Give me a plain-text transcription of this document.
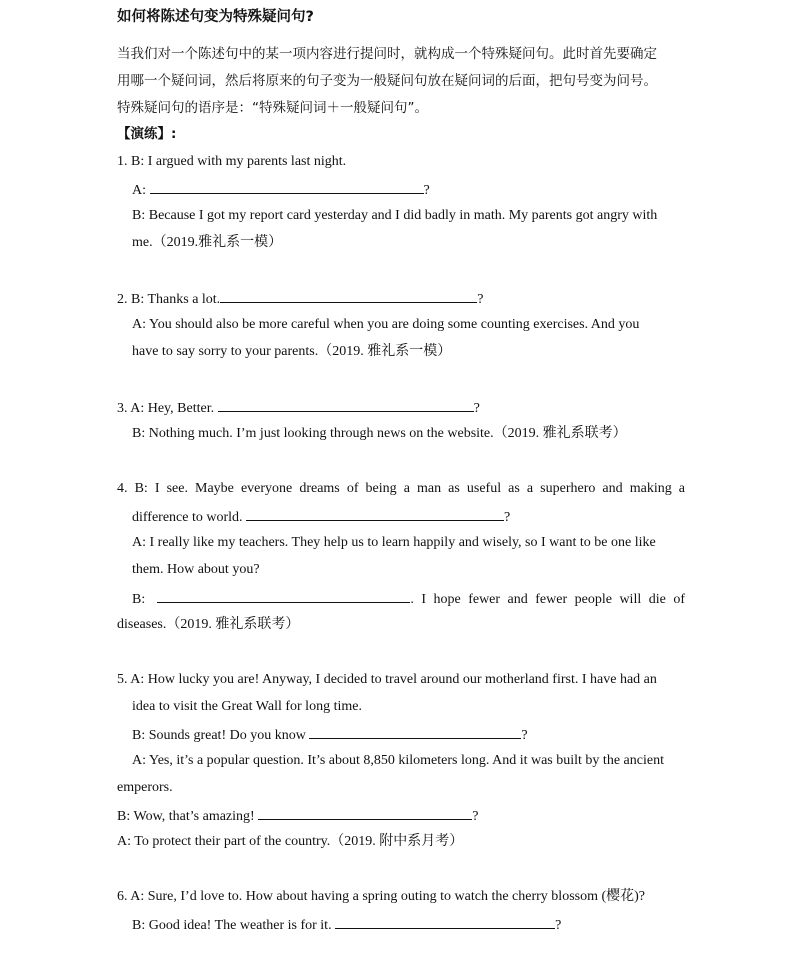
如何将陈述句变为特殊疑问句?
当我们对一个陈述句中的某一项内容进行提问时，就构成一个特殊疑问句。此时首先要确定
用哪一个疑问词，然后将原来的句子变为一般疑问句放在疑问词的后面，把句号变为问号。
特殊疑问句的语序是：“特殊疑问词＋一般疑问句”。
【演练】:
1. B: I argued with my parents last night.
A:	?
B: Because I got my report card yesterday and I did badly in math. My parents got angry with
me.（2019.雅礼系一模）
2. B: Thanks a lot.	?
A: You should also be more careful when you are doing some counting exercises. And you
have to say sorry to your parents.（2019. 雅礼系一模）
3. A: Hey, Better.	?
B: Nothing much. I’m just looking through news on the website.（2019. 雅礼系联考）
4. B: I see. Maybe everyone dreams of being a man as useful as a superhero and making a
difference to world.	?
A: I really like my teachers. They help us to learn happily and wisely, so I want to be one like
them. How about you?
B:	. I hope fewer and fewer people will die of
diseases.（2019. 雅礼系联考）
5. A: How lucky you are! Anyway, I decided to travel around our motherland first. I have had an
idea to visit the Great Wall for long time.
B: Sounds great! Do you know	?
A: Yes, it’s a popular question. It’s about 8,850 kilometers long. And it was built by the ancient
emperors.
B: Wow, that’s amazing!	?
A: To protect their part of the country.（2019. 附中系月考）
6. A: Sure, I’d love to. How about having a spring outing to watch the cherry blossom (樱花)?
B: Good idea! The weather is for it.	?
